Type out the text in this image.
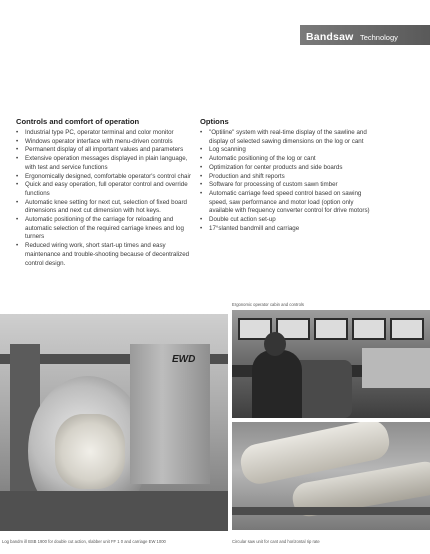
Bandsaw Technology
Controls and comfort of operation
• Industrial type PC, operator terminal and color monitor
• Windows operator interface with menu-driven controls
• Permanent display of all important values and parameters
• Extensive operation messages displayed in plain language, with test and service functions
• Ergonomically designed, comfortable operator's control chair
• Quick and easy operation, full operator control and override functions
• Automatic knee setting for next cut, selection of fixed board dimensions and next cut dimension with hot keys.
• Automatic positioning of the carriage for reloading and automatic selection of the required carriage knees and log turners
• Reduced wiring work, short start-up times and easy maintenance and trouble-shooting because of decentralized control design.
Options
• "Optiline" system with real-time display of the sawline and display of selected sawing dimensions on the log or cant
• Log scanning
• Automatic positioning of the log or cant
• Optimization for center products and side boards
• Production and shift reports
• Software for processing of custom sawn timber
• Automatic carriage feed speed control based on sawing speed, saw performance and motor load (option only available with frequency converter control for drive motors)
• Double cut action set-up
• 17°slanted bandmill and carriage
Ergonomic operator cabin and controls
EWD
Log bandm ill BSB 1900 for double cut action, slabber unit FF 1 0 and carriage EW 1000	Circular saw unit for cant and horizontal rip rate
